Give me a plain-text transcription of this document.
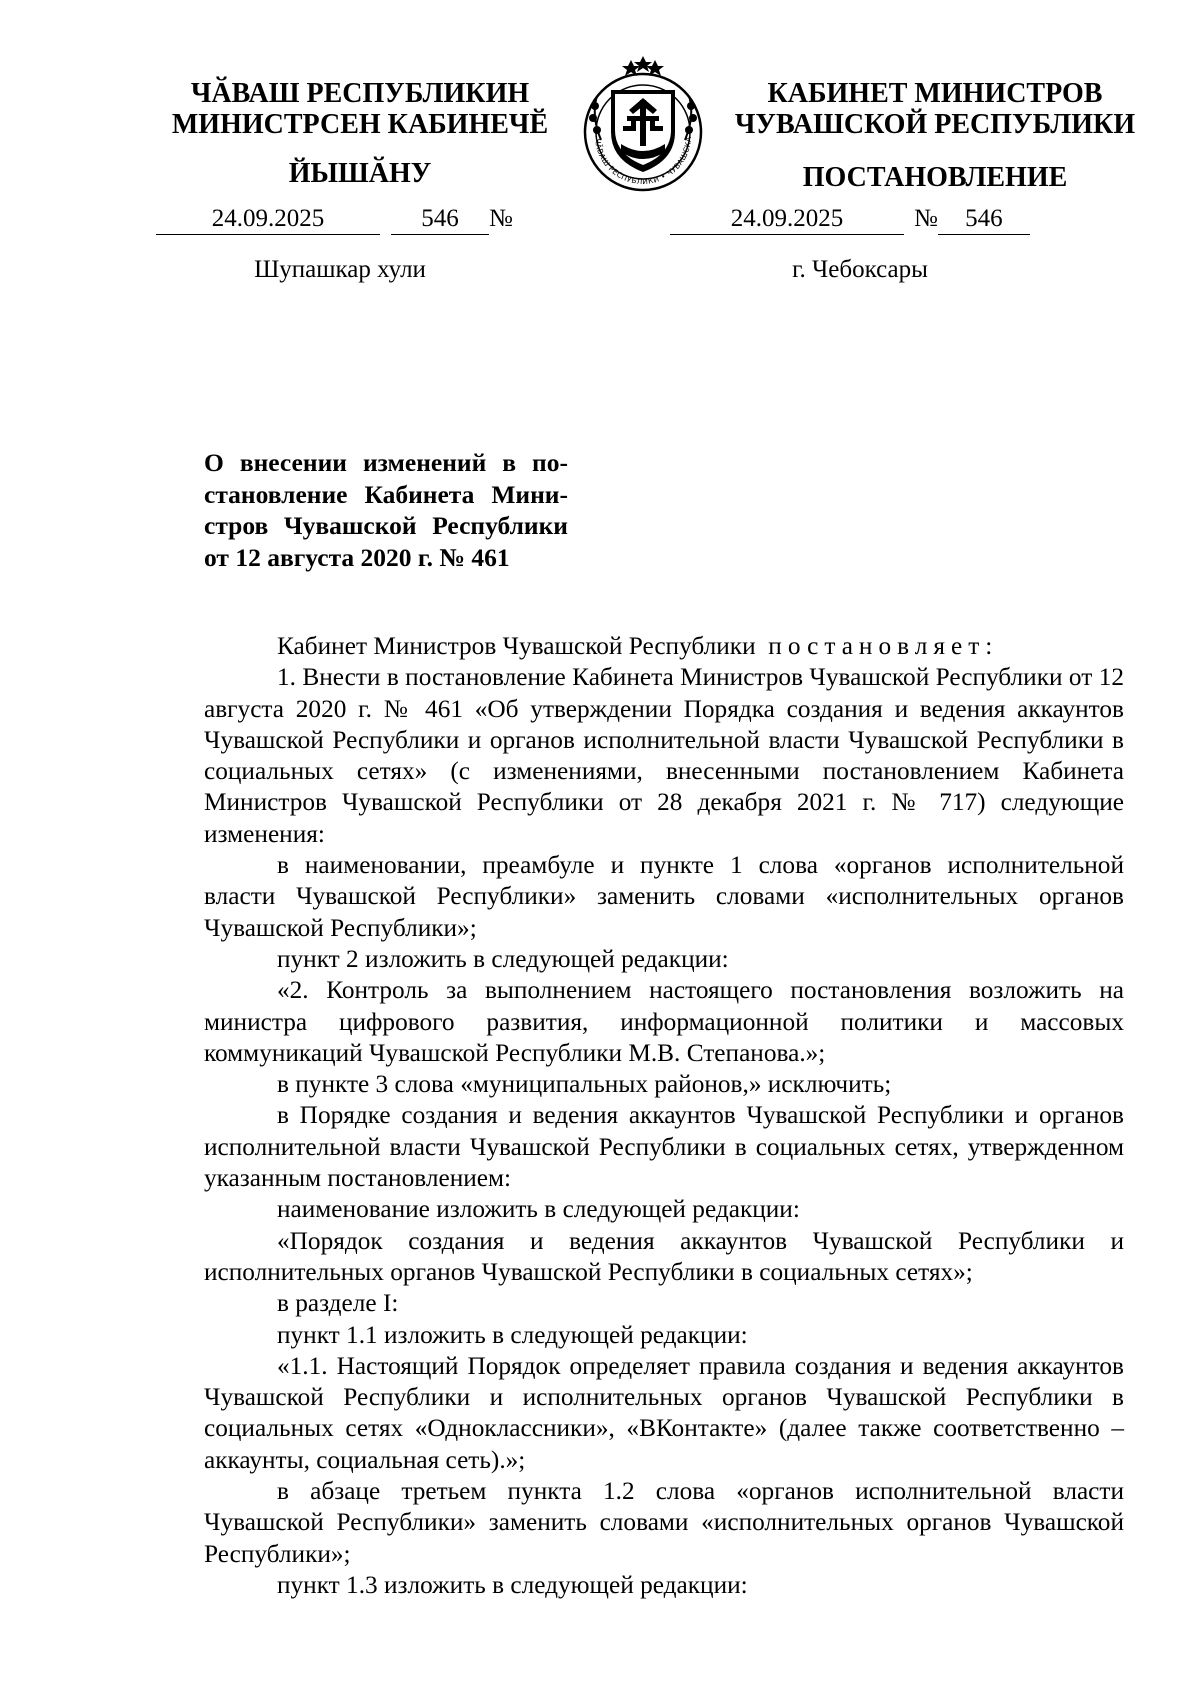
ЧӐВАШ РЕСПУБЛИКИН
МИНИСТРСЕН КАБИНЕЧӖ
ЙЫШӐНУ
КАБИНЕТ МИНИСТРОВ
ЧУВАШСКОЙ РЕСПУБЛИКИ
ПОСТАНОВЛЕНИЕ
ЧӐВАШ РЕСПУБЛИКИ • ЧУВАШСКА
24.09.2025	546 №	24.09.2025	№ 546
Шупашкар хули	г. Чебоксары
О внесении изменений в по-
становление Кабинета Мини-
стров Чувашской Республики
от 12 августа 2020 г. № 461

Кабинет Министров Чувашской Республики постановляет:

1. Внести в постановление Кабинета Министров Чувашской Республики от 12 августа 2020 г. № 461 «Об утверждении Порядка создания и ведения аккаунтов Чувашской Республики и органов исполнительной власти Чувашской Республики в социальных сетях» (с изменениями, внесенными постановлением Кабинета Министров Чувашской Республики от 28 декабря 2021 г. № 717) следующие изменения:

в наименовании, преамбуле и пункте 1 слова «органов исполнительной власти Чувашской Республики» заменить словами «исполнительных органов Чувашской Республики»;

пункт 2 изложить в следующей редакции:

«2. Контроль за выполнением настоящего постановления возложить на министра цифрового развития, информационной политики и массовых коммуникаций Чувашской Республики М.В. Степанова.»;

в пункте 3 слова «муниципальных районов,» исключить;

в Порядке создания и ведения аккаунтов Чувашской Республики и органов исполнительной власти Чувашской Республики в социальных сетях, утвержденном указанным постановлением:

наименование изложить в следующей редакции:

«Порядок создания и ведения аккаунтов Чувашской Республики и исполнительных органов Чувашской Республики в социальных сетях»;

в разделе I:

пункт 1.1 изложить в следующей редакции:

«1.1. Настоящий Порядок определяет правила создания и ведения аккаунтов Чувашской Республики и исполнительных органов Чувашской Республики в социальных сетях «Одноклассники», «ВКонтакте» (далее также соответственно – аккаунты, социальная сеть).»;

в абзаце третьем пункта 1.2 слова «органов исполнительной власти Чувашской Республики» заменить словами «исполнительных органов Чувашской Республики»;

пункт 1.3 изложить в следующей редакции:
